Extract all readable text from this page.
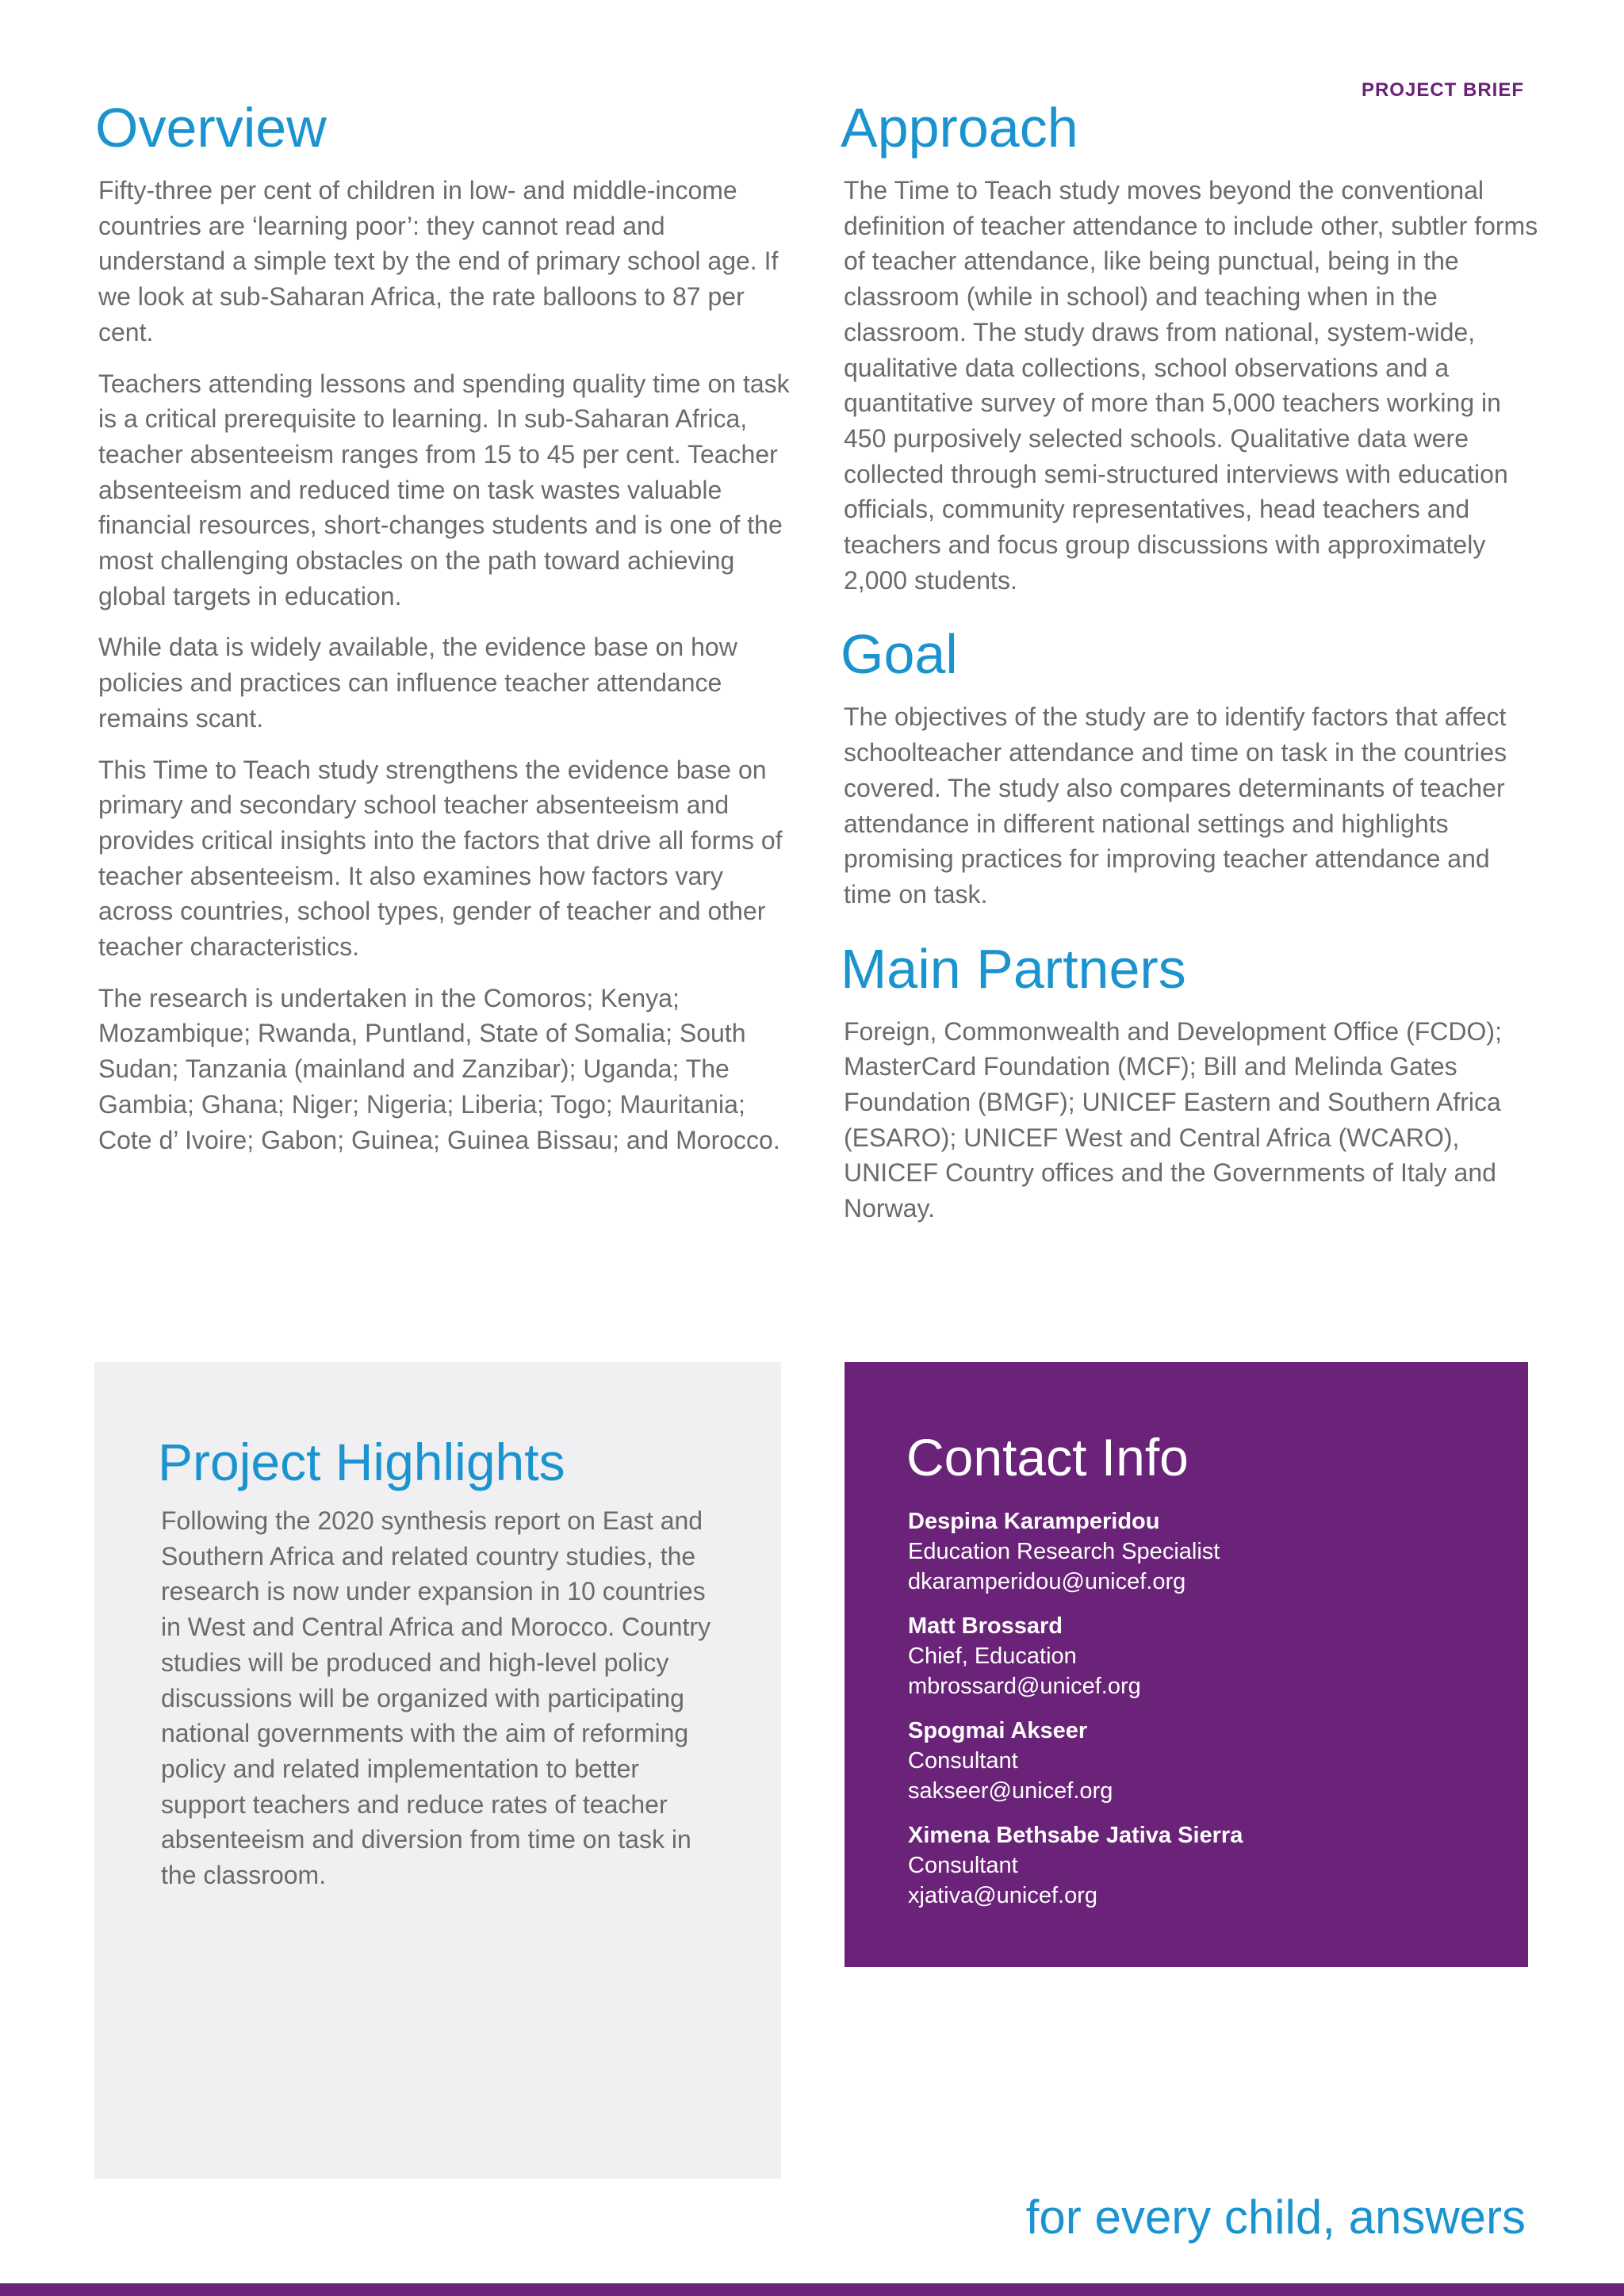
PROJECT BRIEF
Overview

Fifty-three per cent of children in low- and middle-income countries are ‘learning poor’: they cannot read and understand a simple text by the end of primary school age. If we look at sub-Saharan Africa, the rate balloons to 87 per cent.

Teachers attending lessons and spending quality time on task is a critical prerequisite to learning. In sub-Saharan Africa, teacher absenteeism ranges from 15 to 45 per cent. Teacher absenteeism and reduced time on task wastes valuable financial resources, short-changes students and is one of the most challenging obstacles on the path toward achieving global targets in education.

While data is widely available, the evidence base on how policies and practices can influence teacher attendance remains scant.

This Time to Teach study strengthens the evidence base on primary and secondary school teacher absenteeism and provides critical insights into the factors that drive all forms of teacher absenteeism. It also examines how factors vary across countries, school types, gender of teacher and other teacher characteristics.

The research is undertaken in the Comoros; Kenya; Mozambique; Rwanda, Puntland, State of Somalia; South Sudan; Tanzania (mainland and Zanzibar); Uganda; The Gambia; Ghana; Niger; Nigeria; Liberia; Togo; Mauritania; Cote d’ Ivoire; Gabon; Guinea; Guinea Bissau; and Morocco.

Approach

The Time to Teach study moves beyond the conventional definition of teacher attendance to include other, subtler forms of teacher attendance, like being punctual, being in the classroom (while in school) and teaching when in the classroom. The study draws from national, system-wide, qualitative data collections, school observations and a quantitative survey of more than 5,000 teachers working in 450 purposively selected schools. Qualitative data were collected through semi-structured interviews with education officials, community representatives, head teachers and teachers and focus group discussions with approximately 2,000 students.

Goal

The objectives of the study are to identify factors that affect schoolteacher attendance and time on task in the countries covered. The study also compares determinants of teacher attendance in different national settings and highlights promising practices for improving teacher attendance and time on task.

Main Partners

Foreign, Commonwealth and Development Office (FCDO); MasterCard Foundation (MCF); Bill and Melinda Gates Foundation (BMGF); UNICEF Eastern and Southern Africa (ESARO); UNICEF West and Central Africa (WCARO), UNICEF Country offices and the Governments of Italy and Norway.

Project Highlights

Following the 2020 synthesis report on East and Southern Africa and related country studies, the research is now under expansion in 10 countries in West and Central Africa and Morocco. Country studies will be produced and high-level policy discussions will be organized with participating national governments with the aim of reforming policy and related implementation to better support teachers and reduce rates of teacher absenteeism and diversion from time on task in the classroom.

Contact Info
Despina Karamperidou
Education Research Specialist
dkaramperidou@unicef.org
Matt Brossard
Chief, Education
mbrossard@unicef.org
Spogmai Akseer
Consultant
sakseer@unicef.org
Ximena Bethsabe Jativa Sierra
Consultant
xjativa@unicef.org
for every child, answers
